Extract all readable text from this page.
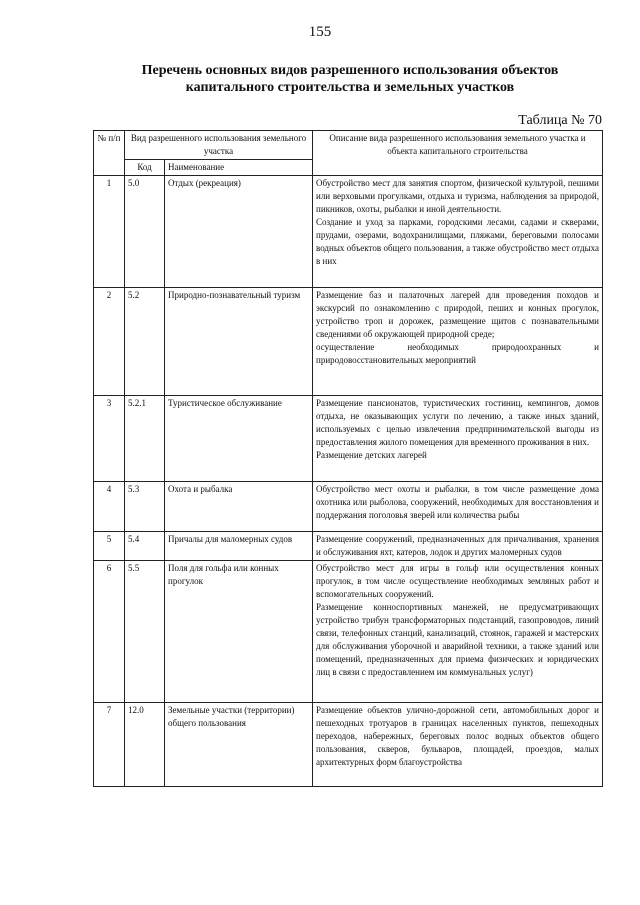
155
Перечень основных видов разрешенного использования объектов капитального строительства и земельных участков
Таблица № 70
№ п/п	Вид разрешенного использования земельного участка		Описание вида разрешенного использования земельного участка и объекта капитального строительства
	Код	Наименование	
1	5.0	Отдых (рекреация)	Обустройство мест для занятия спортом, физической культурой, пешими или верховыми прогулками, отдыха и туризма, наблюдения за природой, пикников, охоты, рыбалки и иной деятельности.

Создание и уход за парками, городскими лесами, садами и скверами, прудами, озерами, водохранилищами, пляжами, береговыми полосами водных объектов общего пользования, а также обустройство мест отдыха в них

2	5.2	Природно-познавательный туризм	Размещение баз и палаточных лагерей для проведения походов и экскурсий по ознакомлению с природой, пеших и конных прогулок, устройство троп и дорожек, размещение щитов с познавательными сведениями об окружающей природной среде;

осуществление необходимых природоохранных и природовосстановительных мероприятий

3	5.2.1	Туристическое обслуживание	Размещение пансионатов, туристических гостиниц, кемпингов, домов отдыха, не оказывающих услуги по лечению, а также иных зданий, используемых с целью извлечения предпринимательской выгоды из предоставления жилого помещения для временного проживания в них.

Размещение детских лагерей

4	5.3	Охота и рыбалка	Обустройство мест охоты и рыбалки, в том числе размещение дома охотника или рыболова, сооружений, необходимых для восстановления и поддержания поголовья зверей или количества рыбы

5	5.4	Причалы для маломерных судов	Размещение сооружений, предназначенных для причаливания, хранения и обслуживания яхт, катеров, лодок и других маломерных судов

6	5.5	Поля для гольфа или конных прогулок	Обустройство мест для игры в гольф или осуществления конных прогулок, в том числе осуществление необходимых земляных работ и вспомогательных сооружений.

Размещение конноспортивных манежей, не предусматривающих устройство трибун трансформаторных подстанций, газопроводов, линий связи, телефонных станций, канализаций, стоянок, гаражей и мастерских для обслуживания уборочной и аварийной техники, а также зданий или помещений, предназначенных для приема физических и юридических лиц в связи с предоставлением им коммунальных услуг)

7	12.0	Земельные участки (территории) общего пользования	Размещение объектов улично-дорожной сети, автомобильных дорог и пешеходных тротуаров в границах населенных пунктов, пешеходных переходов, набережных, береговых полос водных объектов общего пользования, скверов, бульваров, площадей, проездов, малых архитектурных форм благоустройства
